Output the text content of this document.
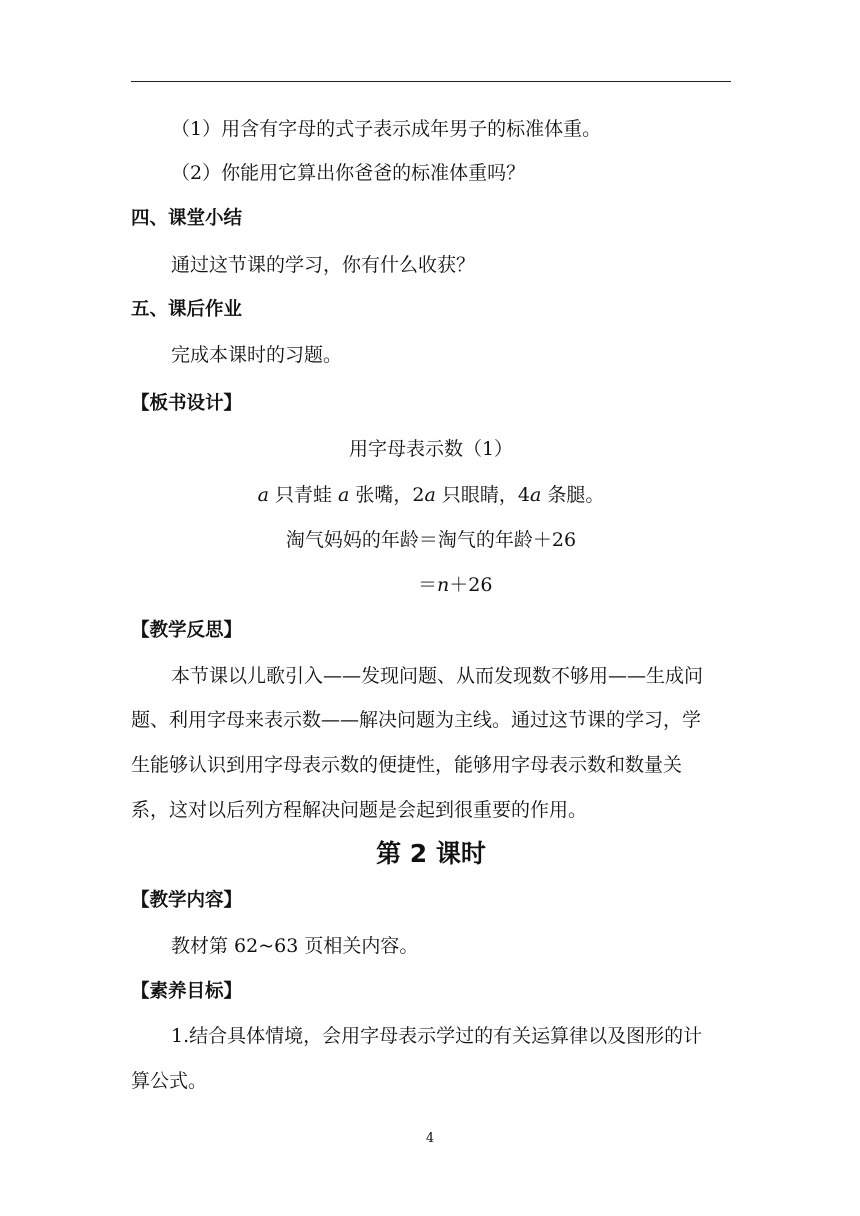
（1）用含有字母的式子表示成年男子的标准体重。
（2）你能用它算出你爸爸的标准体重吗？
四、课堂小结
通过这节课的学习，你有什么收获？
五、课后作业
完成本课时的习题。
【板书设计】
用字母表示数（1）
a 只青蛙 a 张嘴，2a 只眼睛，4a 条腿。
淘气妈妈的年龄＝淘气的年龄＋26
＝n＋26
【教学反思】
本节课以儿歌引入——发现问题、从而发现数不够用——生成问
题、利用字母来表示数——解决问题为主线。通过这节课的学习，学
生能够认识到用字母表示数的便捷性，能够用字母表示数和数量关
系，这对以后列方程解决问题是会起到很重要的作用。
第 2 课时
【教学内容】
教材第 62~63 页相关内容。
【素养目标】
1.结合具体情境，会用字母表示学过的有关运算律以及图形的计
算公式。
4
